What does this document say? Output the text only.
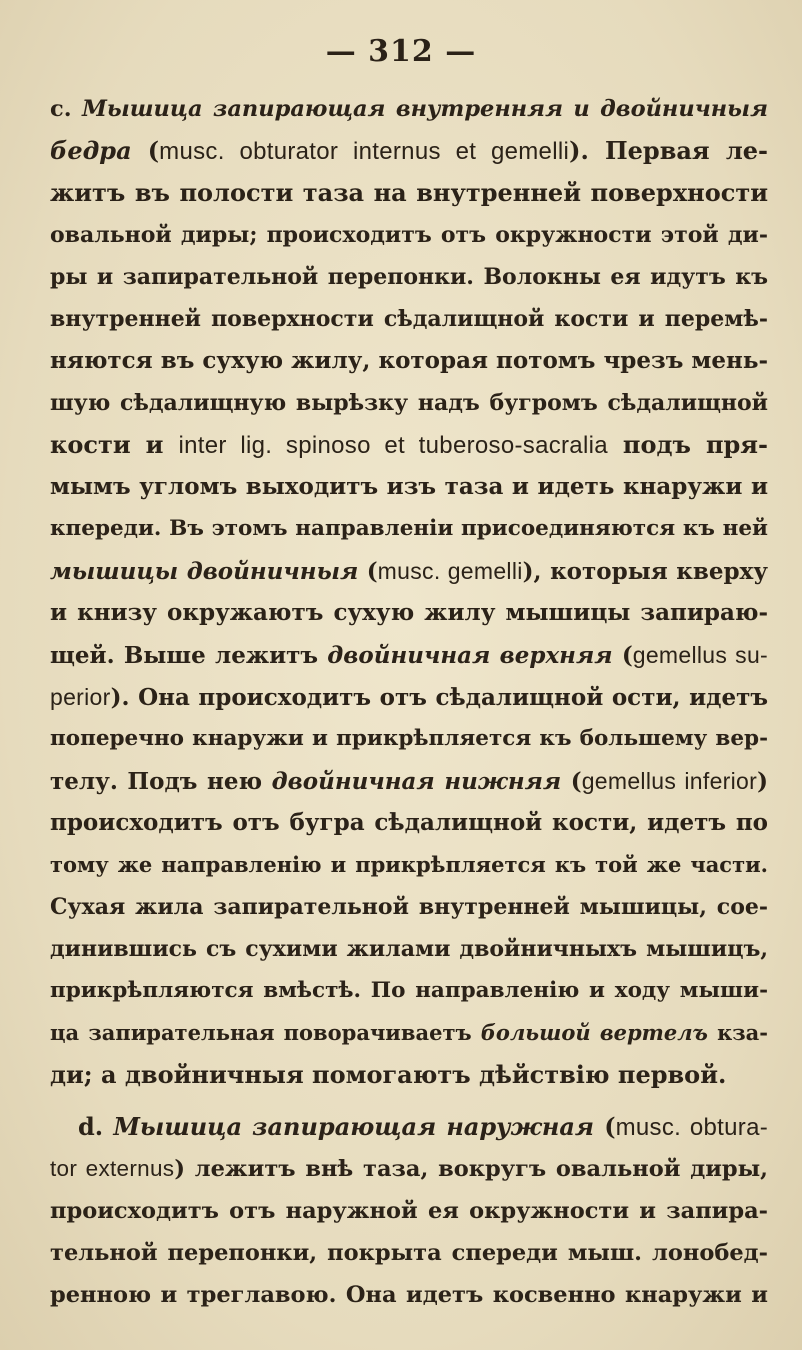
— 312 —
c. Мышица запирающая внутренняя и двойничныя
бедра (musc. obturator internus et gemelli). Первая ле-
житъ въ полости таза на внутренней поверхности
овальной диры; происходитъ отъ окружности этой ди-
ры и запирательной перепонки. Волокны ея идутъ къ
внутренней поверхности сѣдалищной кости и перемѣ-
няются въ сухую жилу, которая потомъ чрезъ мень-
шую сѣдалищную вырѣзку надъ бугромъ сѣдалищной
кости и inter lig. spinoso et tuberoso-sacralia подъ пря-
мымъ угломъ выходитъ изъ таза и идеть кнаружи и
кпереди. Въ этомъ направленіи присоединяются къ ней
мышицы двойничныя (musc. gemelli), которыя кверху
и книзу окружаютъ сухую жилу мышицы запираю-
щей. Выше лежитъ двойничная верхняя (gemellus su-
perior). Она происходитъ отъ сѣдалищной ости, идетъ
поперечно кнаружи и прикрѣпляется къ большему вер-
телу. Подъ нею двойничная нижняя (gemellus inferior)
происходитъ отъ бугра сѣдалищной кости, идетъ по
тому же направленію и прикрѣпляется къ той же части.
Сухая жила запирательной внутренней мышицы, сое-
динившись съ сухими жилами двойничныхъ мышицъ,
прикрѣпляются вмѣстѣ. По направленію и ходу мыши-
ца запирательная поворачиваетъ большой вертелъ кза-
ди; а двойничныя помогаютъ дѣйствію первой.
d. Мышица запирающая наружная (musc. obtura-
tor externus) лежитъ внѣ таза, вокругъ овальной диры,
происходитъ отъ наружной ея окружности и запира-
тельной перепонки, покрыта спереди мыш. лонобед-
ренною и треглавою. Она идетъ косвенно кнаружи и
